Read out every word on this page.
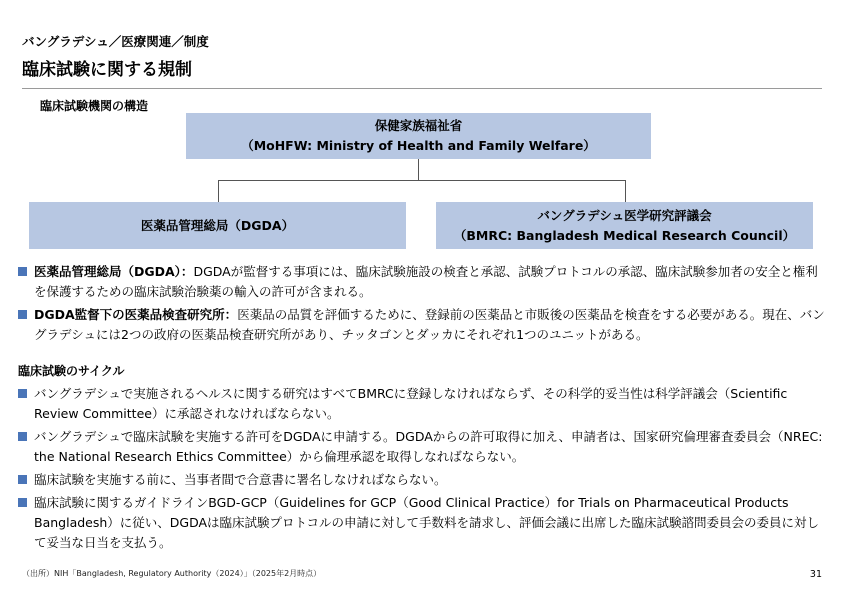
バングラデシュ／医療関連／制度
臨床試験に関する規制
臨床試験機関の構造
保健家族福祉省
（MoHFW: Ministry of Health and Family Welfare）
医薬品管理総局（DGDA）
バングラデシュ医学研究評議会
（BMRC: Bangladesh Medical Research Council）
医薬品管理総局（DGDA）：DGDAが監督する事項には、臨床試験施設の検査と承認、試験プロトコルの承認、臨床試験参加者の安全と権利を保護するための臨床試験治験薬の輸入の許可が含まれる。
DGDA監督下の医薬品検査研究所：医薬品の品質を評価するために、登録前の医薬品と市販後の医薬品を検査をする必要がある。現在、バングラデシュには2つの政府の医薬品検査研究所があり、チッタゴンとダッカにそれぞれ1つのユニットがある。
臨床試験のサイクル
バングラデシュで実施されるヘルスに関する研究はすべてBMRCに登録しなければならず、その科学的妥当性は科学評議会（Scientific Review Committee）に承認されなければならない。
バングラデシュで臨床試験を実施する許可をDGDAに申請する。DGDAからの許可取得に加え、申請者は、国家研究倫理審査委員会（NREC: the National Research Ethics Committee）から倫理承認を取得しなればならない。
臨床試験を実施する前に、当事者間で合意書に署名しなければならない。
臨床試験に関するガイドラインBGD-GCP（Guidelines for GCP（Good Clinical Practice）for Trials on Pharmaceutical Products Bangladesh）に従い、DGDAは臨床試験プロトコルの申請に対して手数料を請求し、評価会議に出席した臨床試験諮問委員会の委員に対して妥当な日当を支払う。
（出所）NIH「Bangladesh, Regulatory Authority（2024）」（2025年2月時点）	31
